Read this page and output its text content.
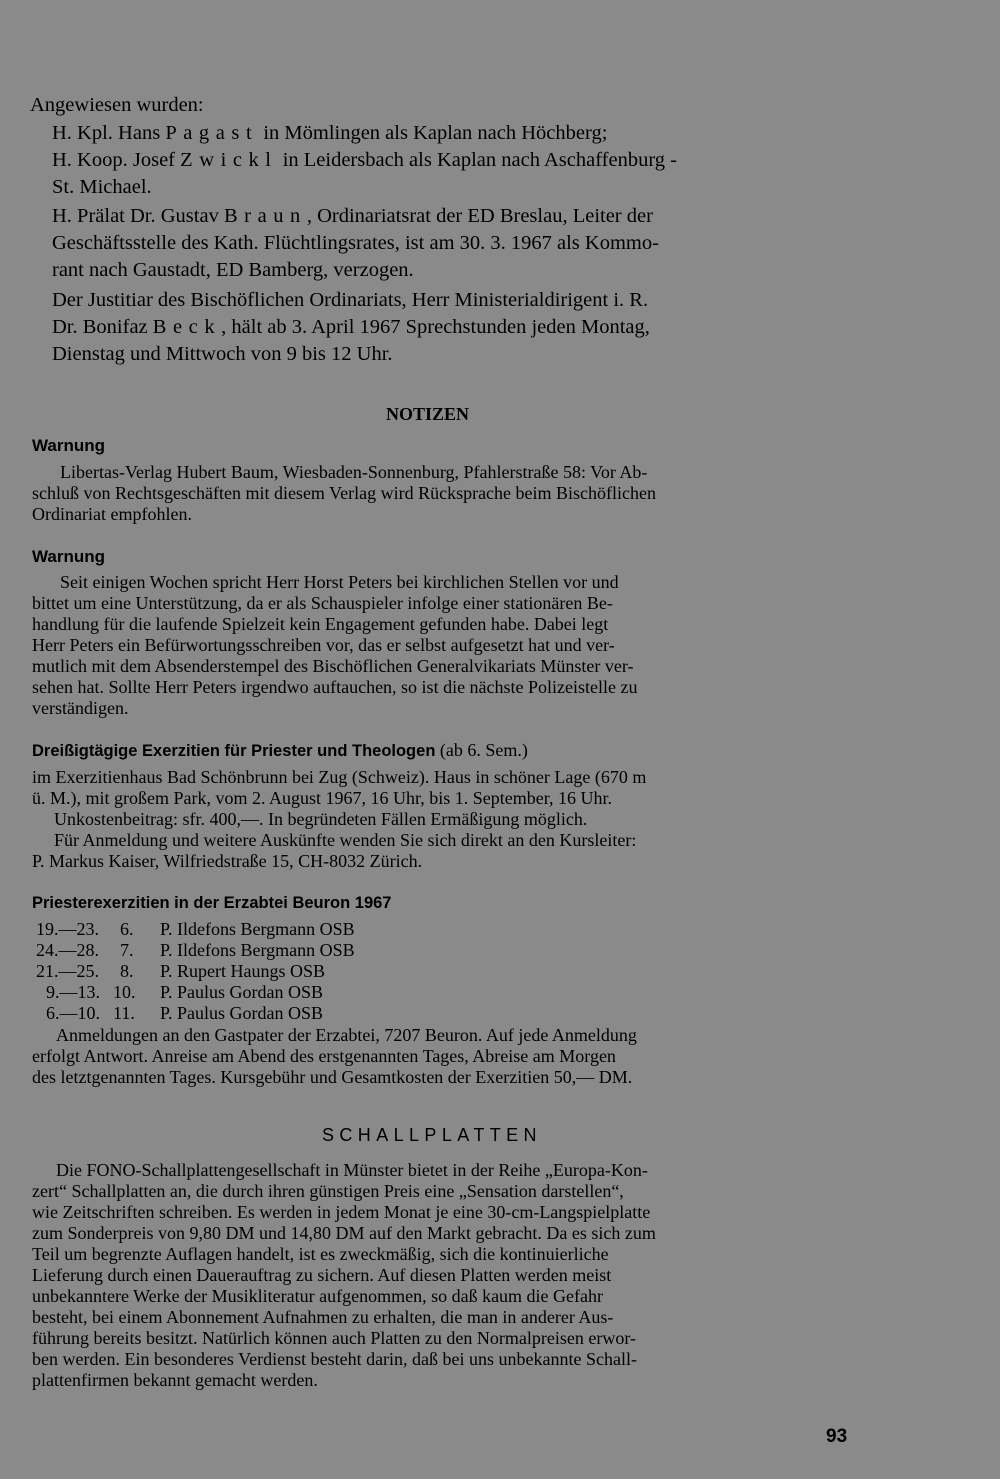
Angewiesen wurden:
H. Kpl. Hans Pagast in Mömlingen als Kaplan nach Höchberg;
H. Koop. Josef Zwickl in Leidersbach als Kaplan nach Aschaffenburg -
St. Michael.
H. Prälat Dr. Gustav Braun, Ordinariatsrat der ED Breslau, Leiter der
Geschäftsstelle des Kath. Flüchtlingsrates, ist am 30. 3. 1967 als Kommo-
rant nach Gaustadt, ED Bamberg, verzogen.
Der Justitiar des Bischöflichen Ordinariats, Herr Ministerialdirigent i. R.
Dr. Bonifaz Beck, hält ab 3. April 1967 Sprechstunden jeden Montag,
Dienstag und Mittwoch von 9 bis 12 Uhr.
NOTIZEN
Warnung
Libertas-Verlag Hubert Baum, Wiesbaden-Sonnenburg, Pfahlerstraße 58: Vor Ab-
schluß von Rechtsgeschäften mit diesem Verlag wird Rücksprache beim Bischöflichen
Ordinariat empfohlen.
Warnung
Seit einigen Wochen spricht Herr Horst Peters bei kirchlichen Stellen vor und
bittet um eine Unterstützung, da er als Schauspieler infolge einer stationären Be-
handlung für die laufende Spielzeit kein Engagement gefunden habe. Dabei legt
Herr Peters ein Befürwortungsschreiben vor, das er selbst aufgesetzt hat und ver-
mutlich mit dem Absenderstempel des Bischöflichen Generalvikariats Münster ver-
sehen hat. Sollte Herr Peters irgendwo auftauchen, so ist die nächste Polizeistelle zu
verständigen.
Dreißigtägige Exerzitien für Priester und Theologen (ab 6. Sem.)
im Exerzitienhaus Bad Schönbrunn bei Zug (Schweiz). Haus in schöner Lage (670 m
ü. M.), mit großem Park, vom 2. August 1967, 16 Uhr, bis 1. September, 16 Uhr.
Unkostenbeitrag: sfr. 400,—. In begründeten Fällen Ermäßigung möglich.
Für Anmeldung und weitere Auskünfte wenden Sie sich direkt an den Kursleiter:
P. Markus Kaiser, Wilfriedstraße 15, CH-8032 Zürich.
Priesterexerzitien in der Erzabtei Beuron 1967
19.—23. 6. P. Ildefons Bergmann OSB
24.—28. 7. P. Ildefons Bergmann OSB
21.—25. 8. P. Rupert Haungs OSB
9.—13. 10. P. Paulus Gordan OSB
6.—10. 11. P. Paulus Gordan OSB
Anmeldungen an den Gastpater der Erzabtei, 7207 Beuron. Auf jede Anmeldung
erfolgt Antwort. Anreise am Abend des erstgenannten Tages, Abreise am Morgen
des letztgenannten Tages. Kursgebühr und Gesamtkosten der Exerzitien 50,— DM.
SCHALLPLATTEN
Die FONO-Schallplattengesellschaft in Münster bietet in der Reihe „Europa-Kon-
zert“ Schallplatten an, die durch ihren günstigen Preis eine „Sensation darstellen“,
wie Zeitschriften schreiben. Es werden in jedem Monat je eine 30-cm-Langspielplatte
zum Sonderpreis von 9,80 DM und 14,80 DM auf den Markt gebracht. Da es sich zum
Teil um begrenzte Auflagen handelt, ist es zweckmäßig, sich die kontinuierliche
Lieferung durch einen Dauerauftrag zu sichern. Auf diesen Platten werden meist
unbekanntere Werke der Musikliteratur aufgenommen, so daß kaum die Gefahr
besteht, bei einem Abonnement Aufnahmen zu erhalten, die man in anderer Aus-
führung bereits besitzt. Natürlich können auch Platten zu den Normalpreisen erwor-
ben werden. Ein besonderes Verdienst besteht darin, daß bei uns unbekannte Schall-
plattenfirmen bekannt gemacht werden.
93
